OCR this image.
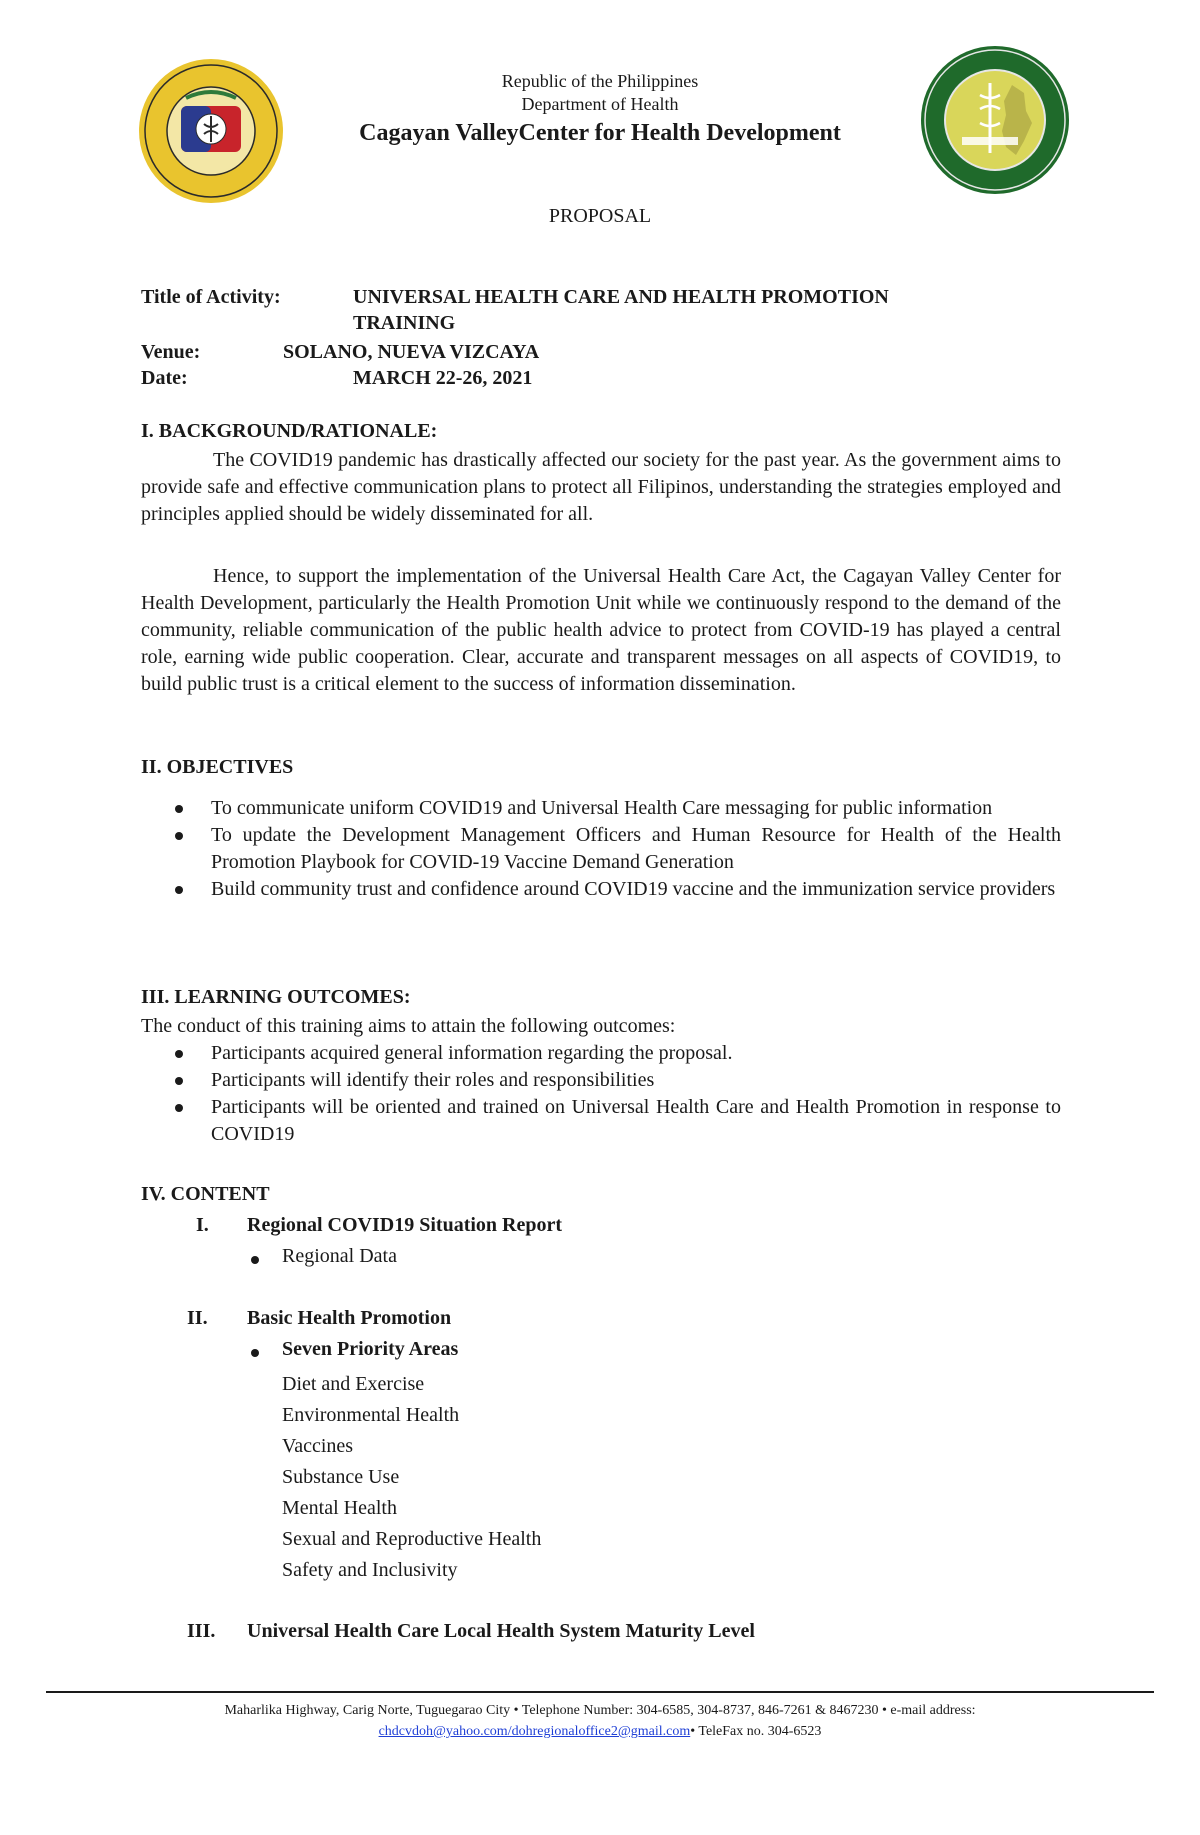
Republic of the Philippines
Department of Health
Cagayan ValleyCenter for Health Development
PROPOSAL
Title of Activity:	UNIVERSAL HEALTH CARE AND HEALTH PROMOTION
TRAINING
Venue:	SOLANO, NUEVA VIZCAYA
Date:	MARCH 22-26, 2021
I. BACKGROUND/RATIONALE:
The COVID19 pandemic has drastically affected our society for the past year. As the government aims to provide safe and effective communication plans to protect all Filipinos, understanding the strategies employed and principles applied should be widely disseminated for all.
Hence, to support the implementation of the Universal Health Care Act, the Cagayan Valley Center for Health Development, particularly the Health Promotion Unit while we continuously respond to the demand of the community, reliable communication of the public health advice to protect from COVID-19 has played a central role, earning wide public cooperation. Clear, accurate and transparent messages on all aspects of COVID19, to build public trust is a critical element to the success of information dissemination.
II. OBJECTIVES
To communicate uniform COVID19 and Universal Health Care messaging for public information
To update the Development Management Officers and Human Resource for Health of the Health Promotion Playbook for COVID-19 Vaccine Demand Generation
Build community trust and confidence around COVID19 vaccine and the immunization service providers
III. LEARNING OUTCOMES:
The conduct of this training aims to attain the following outcomes:
Participants acquired general information regarding the proposal.
Participants will identify their roles and responsibilities
Participants will be oriented and trained on Universal Health Care and Health Promotion in response to COVID19
IV. CONTENT
I. Regional COVID19 Situation Report
Regional Data
II. Basic Health Promotion
Seven Priority Areas
Diet and Exercise
Environmental Health
Vaccines
Substance Use
Mental Health
Sexual and Reproductive Health
Safety and Inclusivity
III. Universal Health Care Local Health System Maturity Level
Maharlika Highway, Carig Norte, Tuguegarao City • Telephone Number: 304-6585, 304-8737, 846-7261 & 8467230 • e-mail address:
chdcvdoh@yahoo.com/dohregionaloffice2@gmail.com• TeleFax no. 304-6523
